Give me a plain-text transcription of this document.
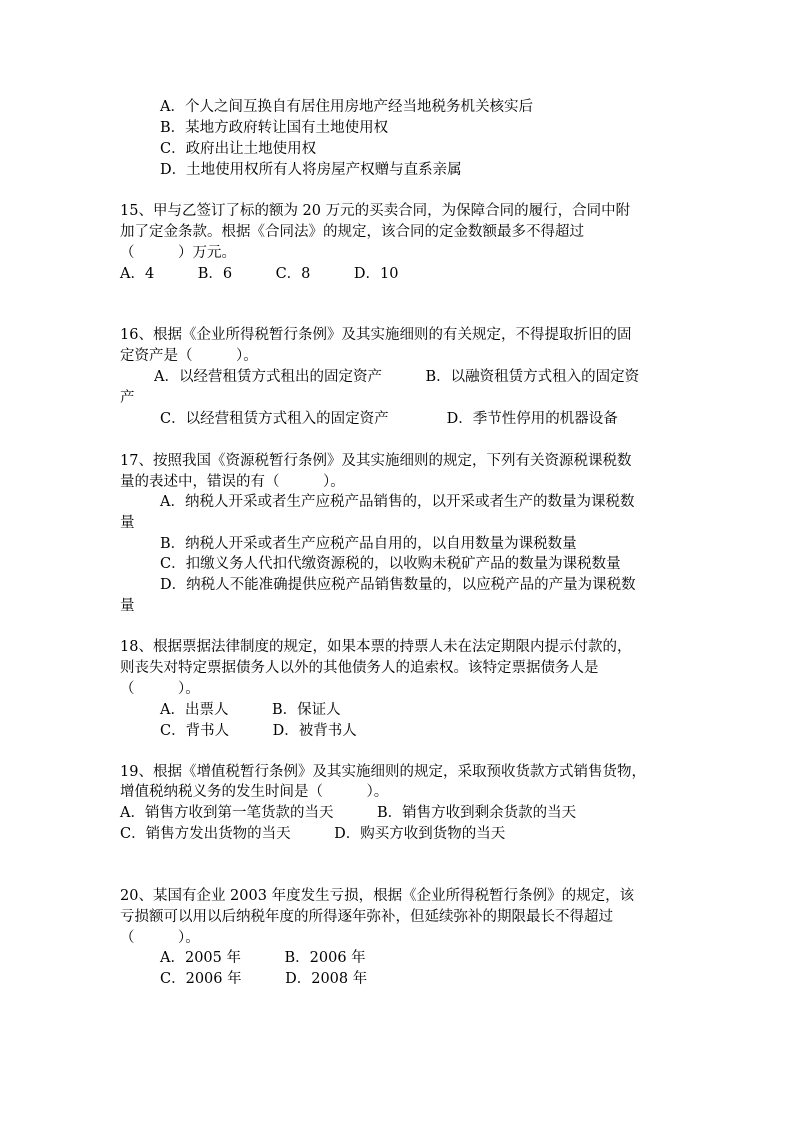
A．个人之间互换自有居住用房地产经当地税务机关核实后
B．某地方政府转让国有土地使用权
C．政府出让土地使用权
D．土地使用权所有人将房屋产权赠与直系亲属
15、甲与乙签订了标的额为 20 万元的买卖合同，为保障合同的履行，合同中附
加了定金条款。根据《合同法》的规定，该合同的定金数额最多不得超过
（　　　）万元。
A．4　　　B．6　　　C．8　　　D．10
16、根据《企业所得税暂行条例》及其实施细则的有关规定，不得提取折旧的固
定资产是（　　　）。
A．以经营租赁方式租出的固定资产　　　B．以融资租赁方式租入的固定资
产
C．以经营租赁方式租入的固定资产　　　　D．季节性停用的机器设备
17、按照我国《资源税暂行条例》及其实施细则的规定，下列有关资源税课税数
量的表述中，错误的有（　　　）。
A．纳税人开采或者生产应税产品销售的，以开采或者生产的数量为课税数
量
B．纳税人开采或者生产应税产品自用的，以自用数量为课税数量
C．扣缴义务人代扣代缴资源税的，以收购未税矿产品的数量为课税数量
D．纳税人不能准确提供应税产品销售数量的，以应税产品的产量为课税数
量
18、根据票据法律制度的规定，如果本票的持票人未在法定期限内提示付款的，
则丧失对特定票据债务人以外的其他债务人的追索权。该特定票据债务人是
（　　　）。
A．出票人　　　B．保证人
C．背书人　　　D．被背书人
19、根据《增值税暂行条例》及其实施细则的规定，采取预收货款方式销售货物，
增值税纳税义务的发生时间是（　　　）。
A．销售方收到第一笔货款的当天　　　B．销售方收到剩余货款的当天
C．销售方发出货物的当天　　　D．购买方收到货物的当天
20、某国有企业 2003 年度发生亏损，根据《企业所得税暂行条例》的规定，该
亏损额可以用以后纳税年度的所得逐年弥补，但延续弥补的期限最长不得超过
（　　　）。
A．2005 年　　　B．2006 年
C．2006 年　　　D．2008 年
